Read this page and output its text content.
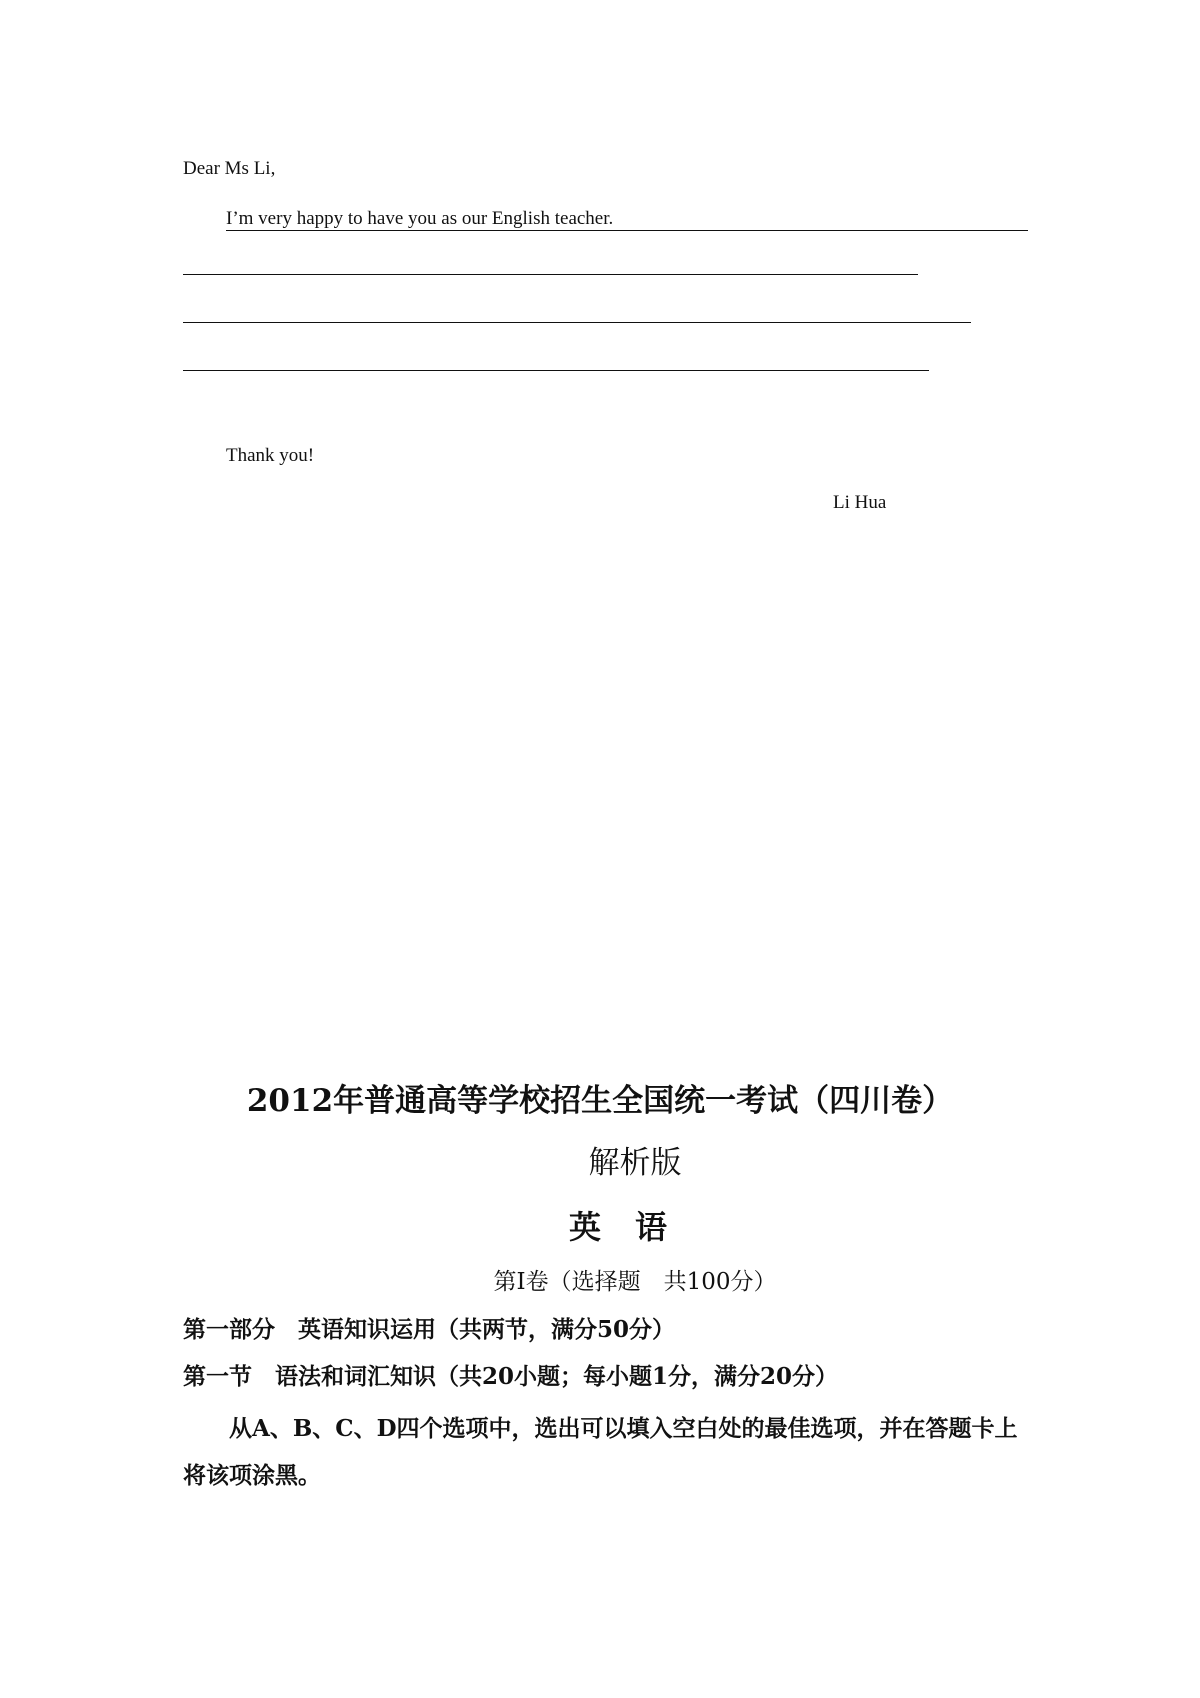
Dear Ms Li,
I’m very happy to have you as our English teacher.
Thank you!
Li Hua
2012年普通高等学校招生全国统一考试（四川卷）
解析版
英语
第Ⅰ卷（选择题　共100分）
第一部分　英语知识运用（共两节，满分50分）
第一节　语法和词汇知识（共20小题；每小题1分，满分20分）
从A、B、C、D四个选项中，选出可以填入空白处的最佳选项，并在答题卡上将该项涂黑。
